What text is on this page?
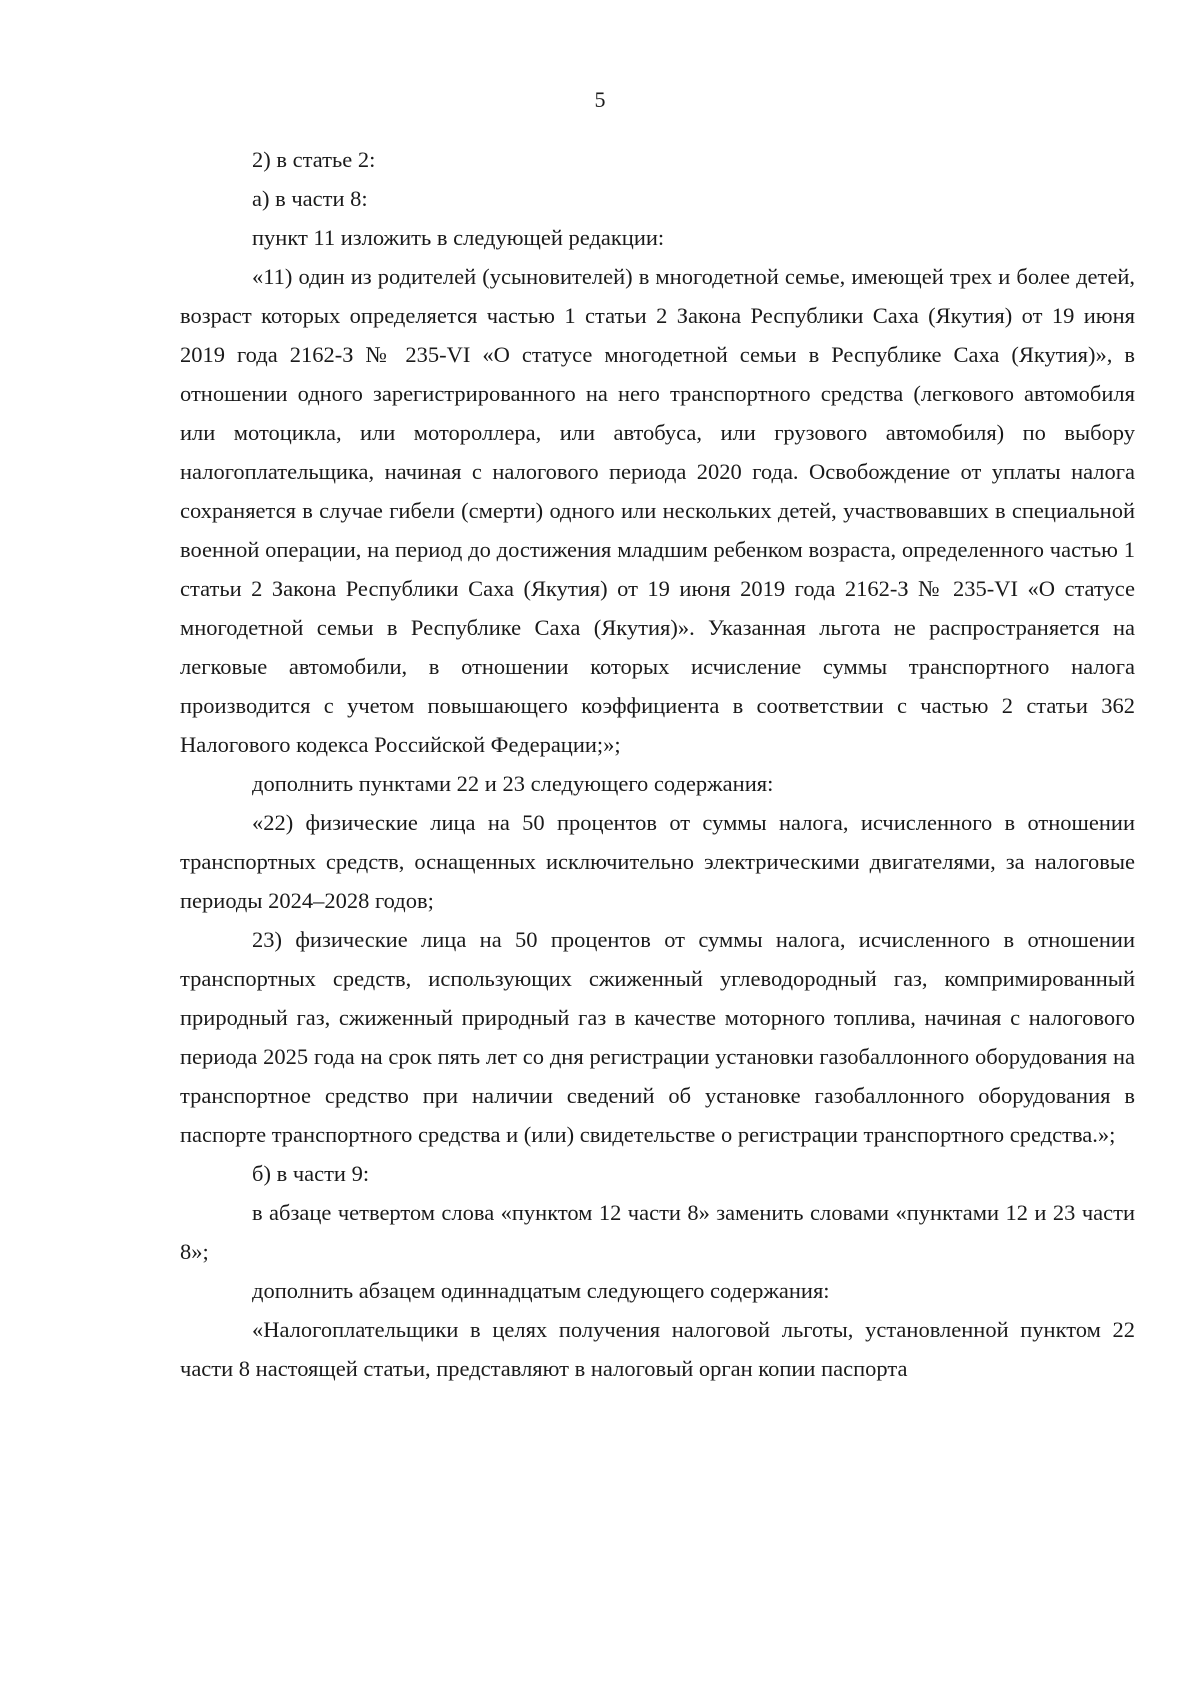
5

2) в статье 2:

а) в части 8:

пункт 11 изложить в следующей редакции:

«11) один из родителей (усыновителей) в многодетной семье, имеющей трех и более детей, возраст которых определяется частью 1 статьи 2 Закона Республики Саха (Якутия) от 19 июня 2019 года 2162-З № 235-VI «О статусе многодетной семьи в Республике Саха (Якутия)», в отношении одного зарегистрированного на него транспортного средства (легкового автомобиля или мотоцикла, или мотороллера, или автобуса, или грузового автомобиля) по выбору налогоплательщика, начиная с налогового периода 2020 года. Освобождение от уплаты налога сохраняется в случае гибели (смерти) одного или нескольких детей, участвовавших в специальной военной операции, на период до достижения младшим ребенком возраста, определенного частью 1 статьи 2 Закона Республики Саха (Якутия) от 19 июня 2019 года 2162-З № 235-VI «О статусе многодетной семьи в Республике Саха (Якутия)». Указанная льгота не распространяется на легковые автомобили, в отношении которых исчисление суммы транспортного налога производится с учетом повышающего коэффициента в соответствии с частью 2 статьи 362 Налогового кодекса Российской Федерации;»;

дополнить пунктами 22 и 23 следующего содержания:

«22) физические лица на 50 процентов от суммы налога, исчисленного в отношении транспортных средств, оснащенных исключительно электрическими двигателями, за налоговые периоды 2024–2028 годов;

23) физические лица на 50 процентов от суммы налога, исчисленного в отношении транспортных средств, использующих сжиженный углеводородный газ, компримированный природный газ, сжиженный природный газ в качестве моторного топлива, начиная с налогового периода 2025 года на срок пять лет со дня регистрации установки газобаллонного оборудования на транспортное средство при наличии сведений об установке газобаллонного оборудования в паспорте транспортного средства и (или) свидетельстве о регистрации транспортного средства.»;

б) в части 9:

в абзаце четвертом слова «пунктом 12 части 8» заменить словами «пунктами 12 и 23 части 8»;

дополнить абзацем одиннадцатым следующего содержания:

«Налогоплательщики в целях получения налоговой льготы, установленной пунктом 22 части 8 настоящей статьи, представляют в налоговый орган копии паспорта
